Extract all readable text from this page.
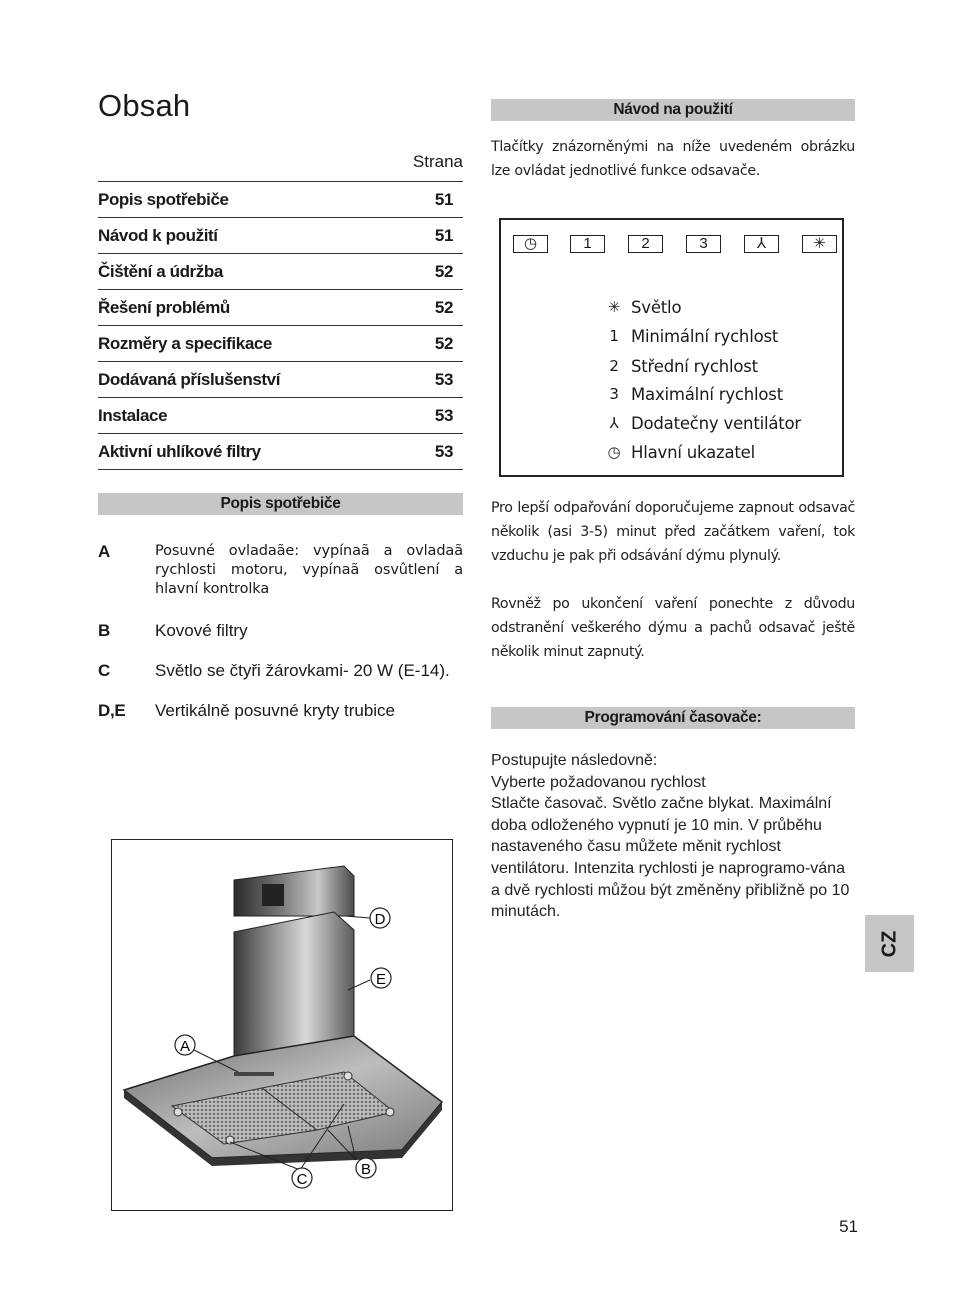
Obsah
Strana
Popis spotřebiče	51
Návod k použití	51
Čištění a údržba	52
Řešení problémů	52
Rozměry a specifikace	52
Dodávaná příslušenství	53
Instalace	53
Aktivní uhlíkové filtry	53
Popis spotřebiče
A	Posuvné ovladaãe: vypínaã a ovladaã rychlosti motoru, vypínaã osvûtlení a hlavní kontrolka
B	Kovové filtry
C	Světlo se čtyři žárovkami- 20 W (E-14).
D,E	Vertikálně posuvné kryty trubice
D
E
A
C
B
Návod na použití
Tlačítky znázorněnými na níže uvedeném obrázku lze ovládat jednotlivé funkce odsavače.
◷	1	2	3	⅄	✳
✳ Světlo
1 Minimální rychlost
2 Střední rychlost
3 Maximální rychlost
⅄ Dodatečny ventilátor
◷ Hlavní ukazatel
Pro lepší odpařování doporučujeme zapnout odsavač několik (asi 3-5) minut před začátkem vaření, tok vzduchu je pak při odsávání dýmu plynulý.
Rovněž po ukončení vaření ponechte z důvodu odstranění veškerého dýmu a pachů odsavač ještě několik minut zapnutý.
Programování časovače:
Postupujte následovně:
Vyberte požadovanou rychlost
Stlačte časovač. Světlo začne blykat. Maximální doba odloženého vypnutí je 10 min. V průběhu nastaveného času můžete měnit rychlost ventilátoru. Intenzita rychlosti je naprogramo-vána a dvě rychlosti můžou být změněny přibližně po 10 minutách.
CZ
51
